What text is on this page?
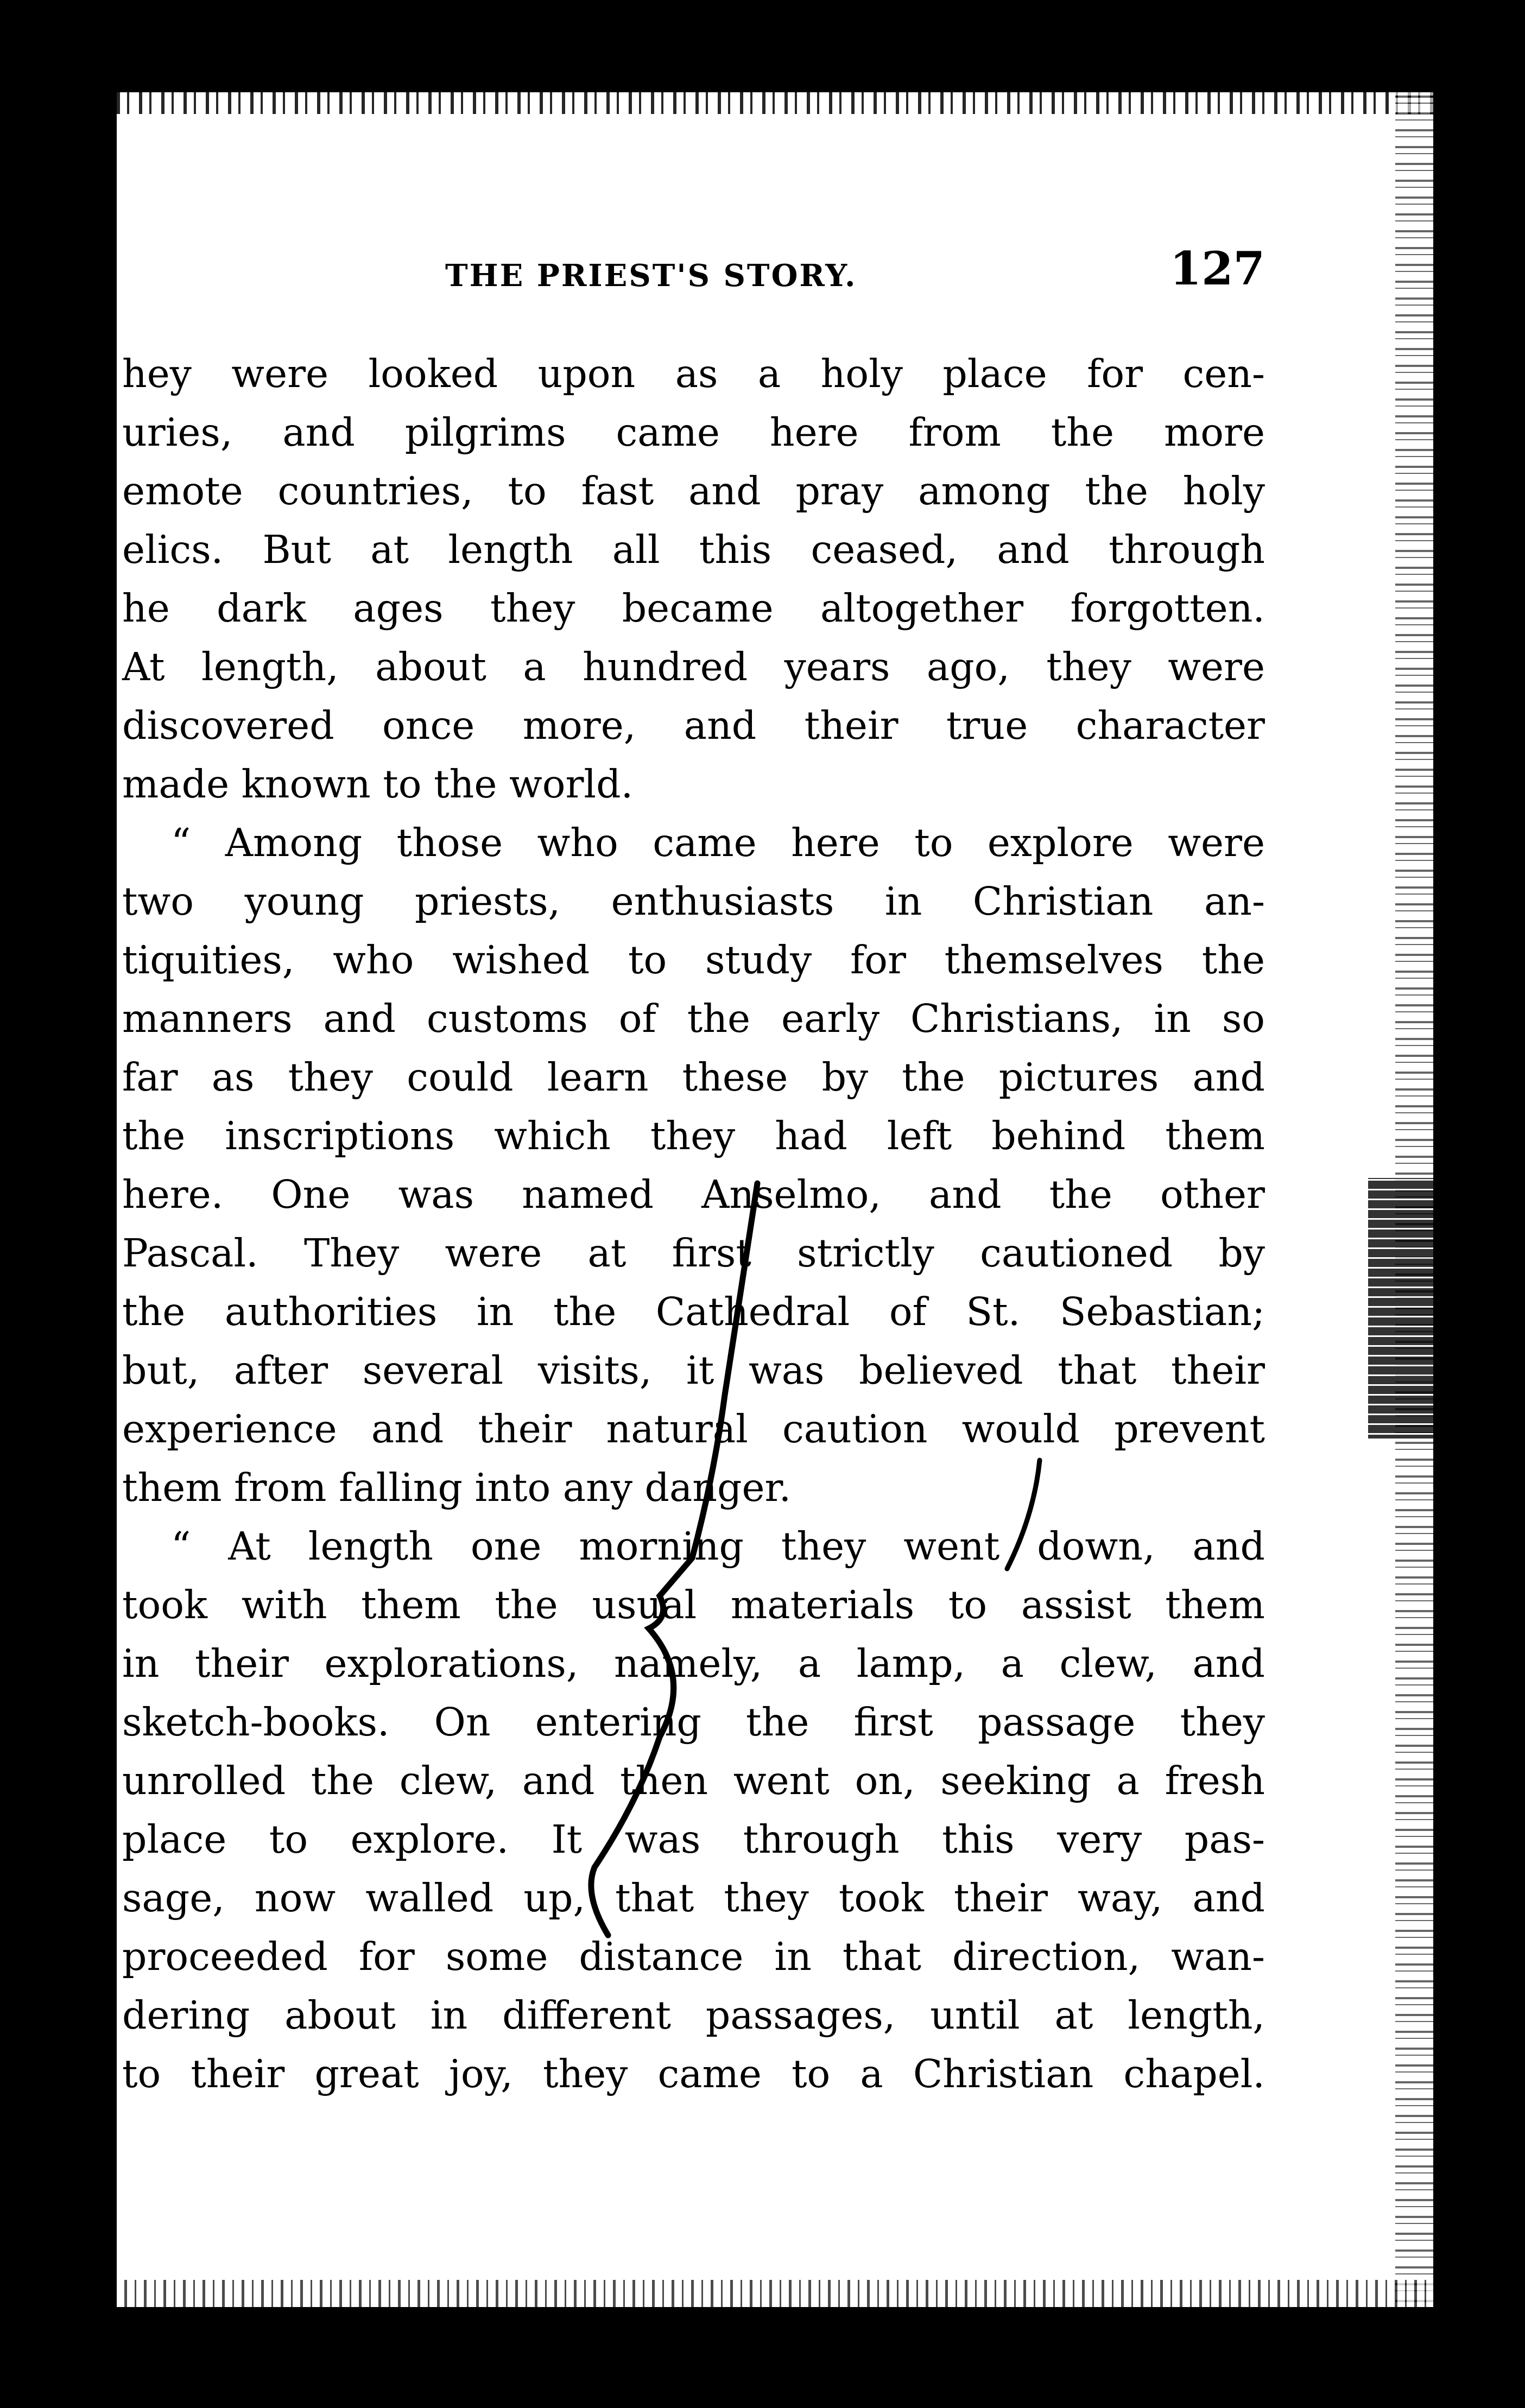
THE PRIEST'S STORY.	127
hey were looked upon as a holy place for cen-
uries, and pilgrims came here from the more
emote countries, to fast and pray among the holy
elics. But at length all this ceased, and through
he dark ages they became altogether forgotten.
At length, about a hundred years ago, they were
discovered once more, and their true character
made known to the world.
“ Among those who came here to explore were
two young priests, enthusiasts in Christian an-
tiquities, who wished to study for themselves the
manners and customs of the early Christians, in so
far as they could learn these by the pictures and
the inscriptions which they had left behind them
here. One was named Anselmo, and the other
Pascal. They were at first strictly cautioned by
the authorities in the Cathedral of St. Sebastian;
but, after several visits, it was believed that their
experience and their natural caution would prevent
them from falling into any danger.
“ At length one morning they went down, and
took with them the usual materials to assist them
in their explorations, namely, a lamp, a clew, and
sketch-books. On entering the first passage they
unrolled the clew, and then went on, seeking a fresh
place to explore. It was through this very pas-
sage, now walled up, that they took their way, and
proceeded for some distance in that direction, wan-
dering about in different passages, until at length,
to their great joy, they came to a Christian chapel.
